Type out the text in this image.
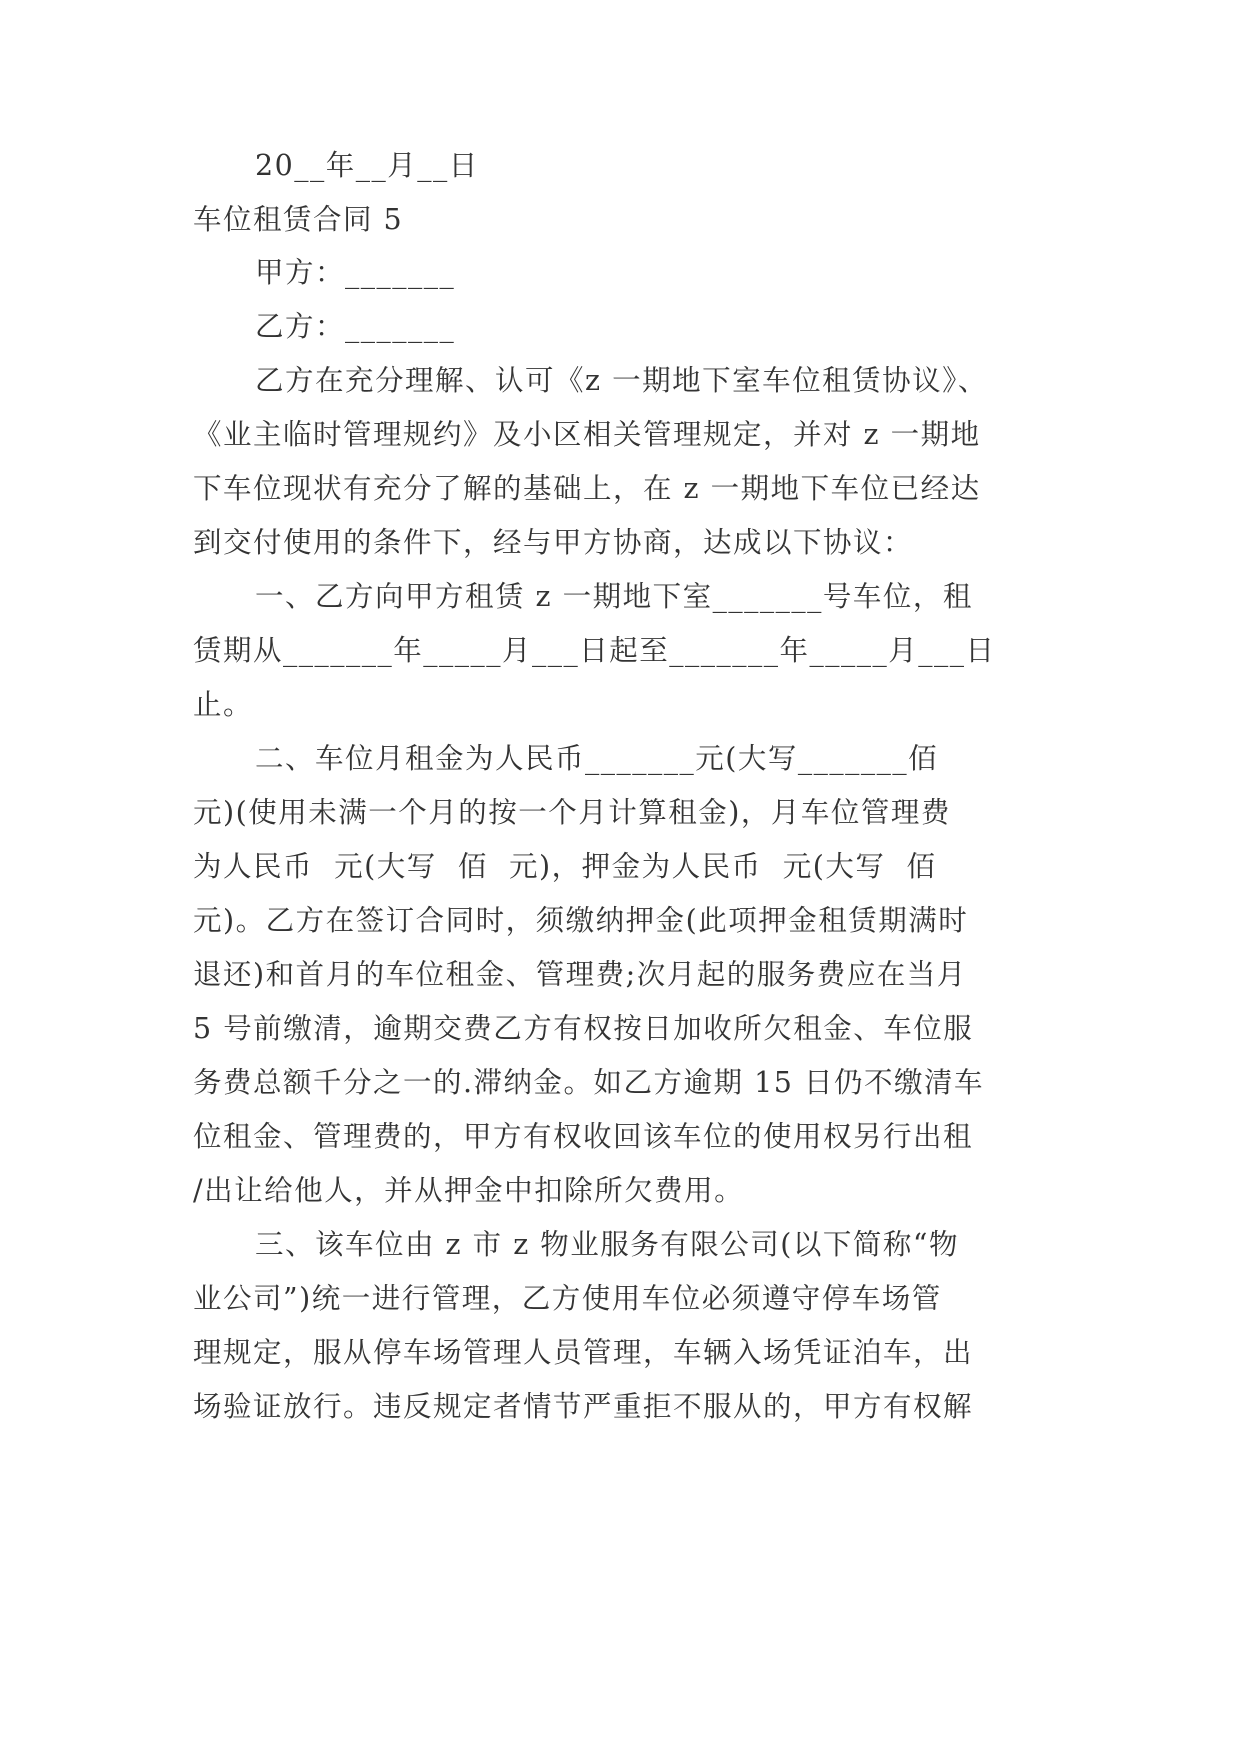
20__年__月__日
车位租赁合同 5
甲方：_______
乙方：_______
乙方在充分理解、认可《z 一期地下室车位租赁协议》、
《业主临时管理规约》及小区相关管理规定，并对 z 一期地
下车位现状有充分了解的基础上，在 z 一期地下车位已经达
到交付使用的条件下，经与甲方协商，达成以下协议：
一、乙方向甲方租赁 z 一期地下室_______号车位，租
赁期从_______年_____月___日起至_______年_____月___日
止。
二、车位月租金为人民币_______元(大写_______佰
元)(使用未满一个月的按一个月计算租金)，月车位管理费
为人民币  元(大写  佰  元)，押金为人民币  元(大写  佰
元)。乙方在签订合同时，须缴纳押金(此项押金租赁期满时
退还)和首月的车位租金、管理费;次月起的服务费应在当月
5 号前缴清，逾期交费乙方有权按日加收所欠租金、车位服
务费总额千分之一的.滞纳金。如乙方逾期 15 日仍不缴清车
位租金、管理费的，甲方有权收回该车位的使用权另行出租
/出让给他人，并从押金中扣除所欠费用。
三、该车位由 z 市 z 物业服务有限公司(以下简称“物
业公司”)统一进行管理，乙方使用车位必须遵守停车场管
理规定，服从停车场管理人员管理，车辆入场凭证泊车，出
场验证放行。违反规定者情节严重拒不服从的，甲方有权解
